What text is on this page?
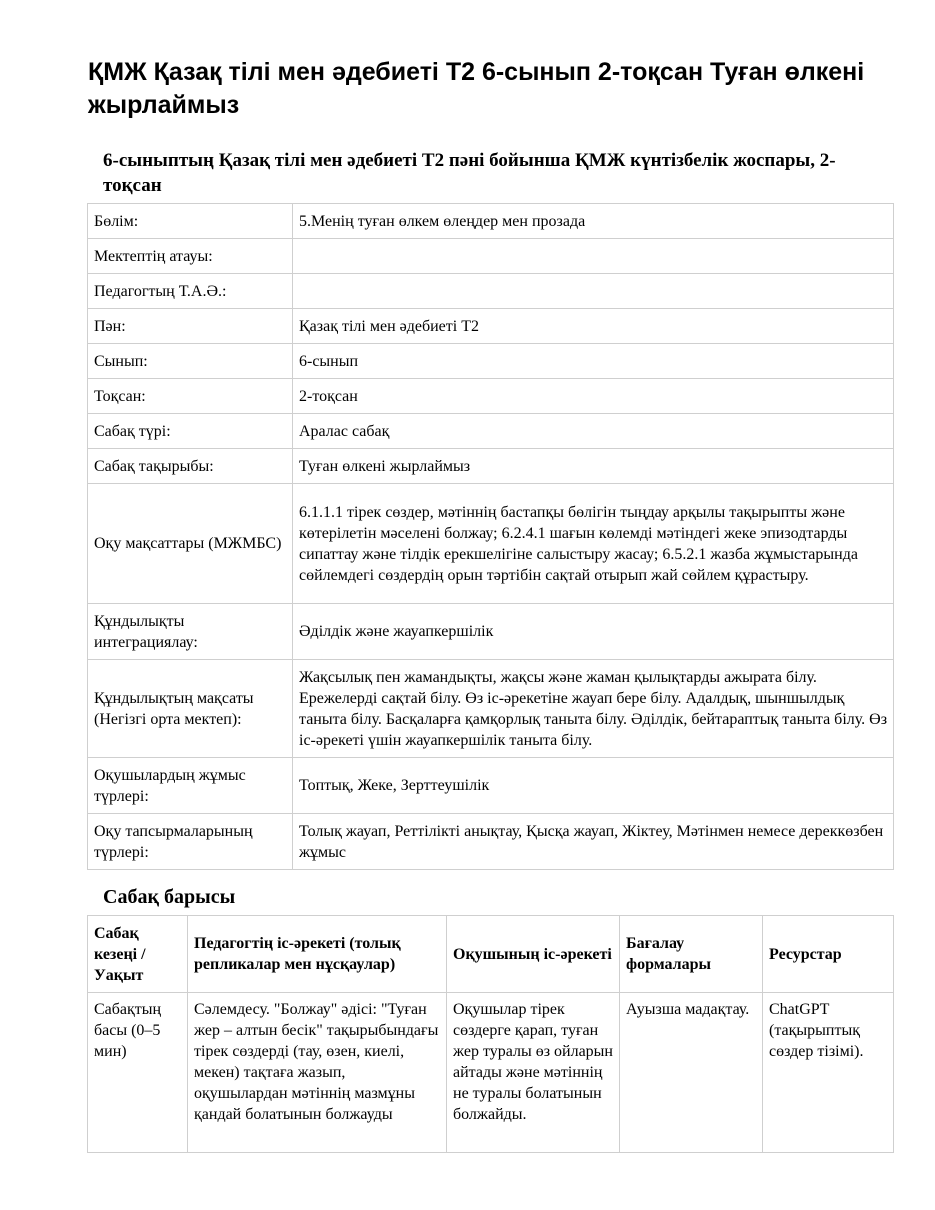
ҚМЖ Қазақ тілі мен әдебиеті Т2 6-сынып 2-тоқсан Туған өлкені жырлаймыз
6-сыныптың Қазақ тілі мен әдебиеті Т2 пәні бойынша ҚМЖ күнтізбелік жоспары, 2-тоқсан
Бөлім:	5.Менің туған өлкем өлеңдер мен прозада
Мектептің атауы:	
Педагогтың Т.А.Ә.:	
Пән:	Қазақ тілі мен әдебиеті Т2
Сынып:	6-сынып
Тоқсан:	2-тоқсан
Сабақ түрі:	Аралас сабақ
Сабақ тақырыбы:	Туған өлкені жырлаймыз
Оқу мақсаттары (МЖМБС)	6.1.1.1 тірек сөздер, мәтіннің бастапқы бөлігін тыңдау арқылы тақырыпты және көтерілетін мәселені болжау; 6.2.4.1 шағын көлемді мәтіндегі жеке эпизодтарды сипаттау және тілдік ерекшелігіне салыстыру жасау; 6.5.2.1 жазба жұмыстарында сөйлемдегі сөздердің орын тәртібін сақтай отырып жай сөйлем құрастыру.
Құндылықты интеграциялау:	Әділдік және жауапкершілік
Құндылықтың мақсаты (Негізгі орта мектеп):	Жақсылық пен жамандықты, жақсы және жаман қылықтарды ажырата білу. Ережелерді сақтай білу. Өз іс-әрекетіне жауап бере білу. Адалдық, шыншылдық таныта білу. Басқаларға қамқорлық таныта білу. Әділдік, бейтараптық таныта білу. Өз іс-әрекеті үшін жауапкершілік таныта білу.
Оқушылардың жұмыс түрлері:	Топтық, Жеке, Зерттеушілік
Оқу тапсырмаларының түрлері:	Толық жауап, Реттілікті анықтау, Қысқа жауап, Жіктеу, Мәтінмен немесе дереккөзбен жұмыс
Сабақ барысы
Сабақ кезеңі / Уақыт	Педагогтің іс-әрекеті (толық репликалар мен нұсқаулар)	Оқушының іс-әрекеті	Бағалау формалары	Ресурстар
Сабақтың басы (0–5 мин)	Сәлемдесу. "Болжау" әдісі: "Туған жер – алтын бесік" тақырыбындағы тірек сөздерді (тау, өзен, киелі, мекен) тақтаға жазып, оқушылардан мәтіннің мазмұны қандай болатынын болжауды	Оқушылар тірек сөздерге қарап, туған жер туралы өз ойларын айтады және мәтіннің не туралы болатынын болжайды.	Ауызша мадақтау.	ChatGPT (тақырыптық сөздер тізімі).
